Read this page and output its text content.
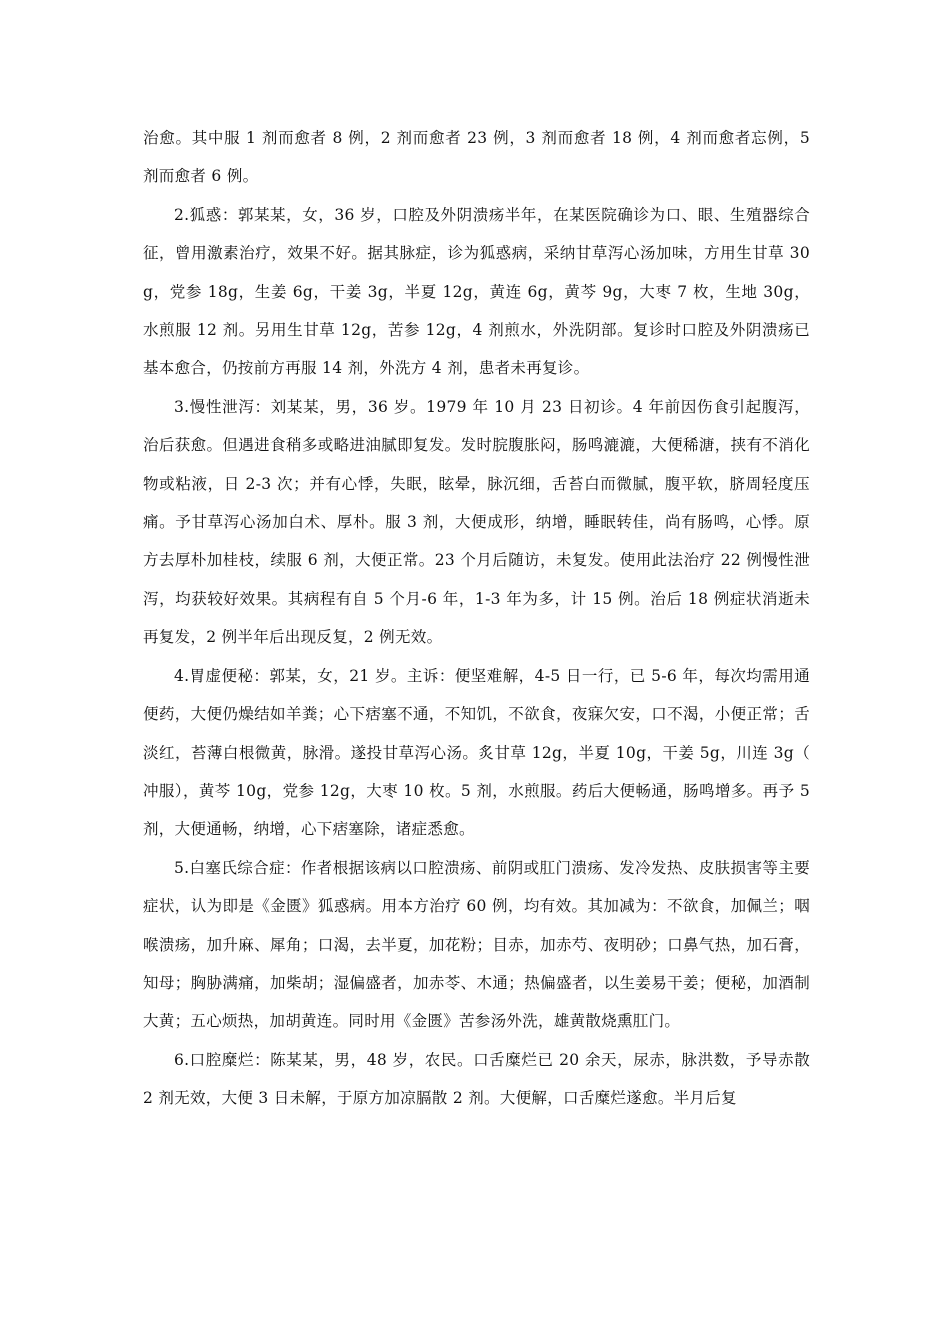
治愈。其中服 1 剂而愈者 8 例，2 剂而愈者 23 例，3 剂而愈者 18 例，4 剂而愈者忘例，5 剂而愈者 6 例。

2.狐惑：郭某某，女，36 岁，口腔及外阴溃疡半年，在某医院确诊为口、眼、生殖器综合征，曾用激素治疗，效果不好。据其脉症，诊为狐惑病，采纳甘草泻心汤加味，方用生甘草 30g，党参 18g，生姜 6g，干姜 3g，半夏 12g，黄连 6g，黄芩 9g，大枣 7 枚，生地 30g，水煎服 12 剂。另用生甘草 12g，苦参 12g，4 剂煎水，外洗阴部。复诊时口腔及外阴溃疡已基本愈合，仍按前方再服 14 剂，外洗方 4 剂，患者未再复诊。

3.慢性泄泻：刘某某，男，36 岁。1979 年 10 月 23 日初诊。4 年前因伤食引起腹泻，治后获愈。但遇进食稍多或略进油腻即复发。发时脘腹胀闷，肠鸣漉漉，大便稀溏，挟有不消化物或粘液，日 2-3 次；并有心悸，失眠，眩晕，脉沉细，舌苔白而微腻，腹平软，脐周轻度压痛。予甘草泻心汤加白术、厚朴。服 3 剂，大便成形，纳增，睡眠转佳，尚有肠鸣，心悸。原方去厚朴加桂枝，续服 6 剂，大便正常。23 个月后随访，未复发。使用此法治疗 22 例慢性泄泻，均获较好效果。其病程有自 5 个月-6 年，1-3 年为多，计 15 例。治后 18 例症状消逝未再复发，2 例半年后出现反复，2 例无效。

4.胃虚便秘：郭某，女，21 岁。主诉：便坚难解，4-5 日一行，已 5-6 年，每次均需用通便药，大便仍燥结如羊粪；心下痞塞不通，不知饥，不欲食，夜寐欠安，口不渴，小便正常；舌淡红，苔薄白根微黄，脉滑。遂投甘草泻心汤。炙甘草 12g，半夏 10g，干姜 5g，川连 3g（冲服），黄芩 10g，党参 12g，大枣 10 枚。5 剂，水煎服。药后大便畅通，肠鸣增多。再予 5 剂，大便通畅，纳增，心下痞塞除，诸症悉愈。

5.白塞氏综合症：作者根据该病以口腔溃疡、前阴或肛门溃疡、发冷发热、皮肤损害等主要症状，认为即是《金匮》狐惑病。用本方治疗 60 例，均有效。其加减为：不欲食，加佩兰；咽喉溃疡，加升麻、犀角；口渴，去半夏，加花粉；目赤，加赤芍、夜明砂；口鼻气热，加石膏，知母；胸胁满痛，加柴胡；湿偏盛者，加赤苓、木通；热偏盛者，以生姜易干姜；便秘，加酒制大黄；五心烦热，加胡黄连。同时用《金匮》苦参汤外洗，雄黄散烧熏肛门。

6.口腔糜烂：陈某某，男，48 岁，农民。口舌糜烂已 20 余天，尿赤，脉洪数，予导赤散 2 剂无效，大便 3 日未解，于原方加凉膈散 2 剂。大便解，口舌糜烂遂愈。半月后复
